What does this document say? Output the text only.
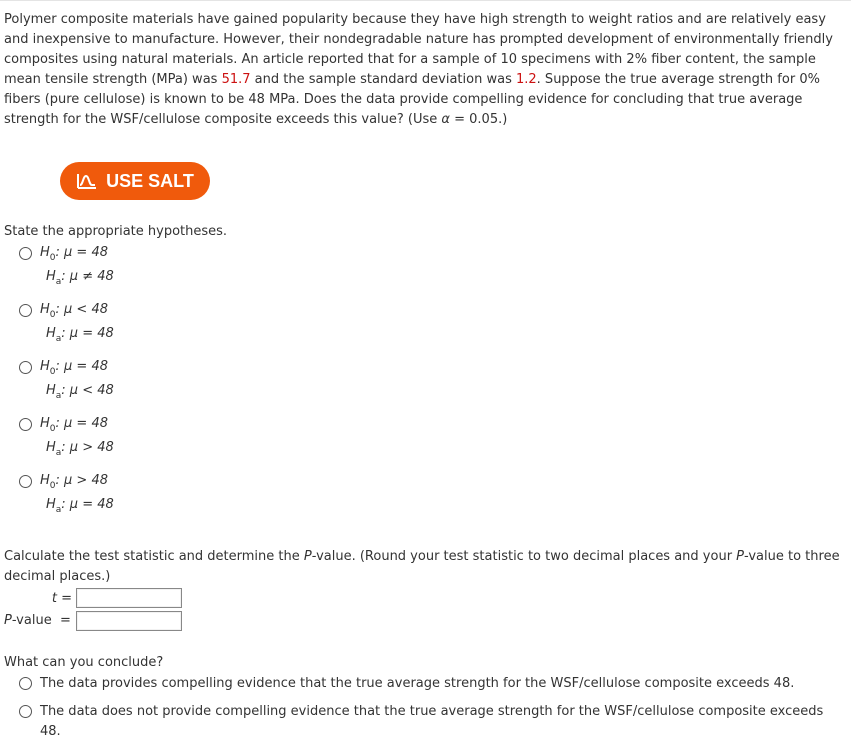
Polymer composite materials have gained popularity because they have high strength to weight ratios and are relatively easy and inexpensive to manufacture. However, their nondegradable nature has prompted development of environmentally friendly composites using natural materials. An article reported that for a sample of 10 specimens with 2% fiber content, the sample mean tensile strength (MPa) was 51.7 and the sample standard deviation was 1.2. Suppose the true average strength for 0% fibers (pure cellulose) is known to be 48 MPa. Does the data provide compelling evidence for concluding that true average strength for the WSF/cellulose composite exceeds this value? (Use α = 0.05.)

USE SALT

State the appropriate hypotheses.

$H_0$: μ = 48
$H_a$: μ ≠ 48
$H_0$: μ < 48
$H_a$: μ = 48
$H_0$: μ = 48
$H_a$: μ < 48
$H_0$: μ = 48
$H_a$: μ > 48
$H_0$: μ > 48
$H_a$: μ = 48

Calculate the test statistic and determine the P-value. (Round your test statistic to two decimal places and your P-value to three decimal places.)

t =
P-value  =

What can you conclude?

The data provides compelling evidence that the true average strength for the WSF/cellulose composite exceeds 48.
The data does not provide compelling evidence that the true average strength for the WSF/cellulose composite exceeds 48.
